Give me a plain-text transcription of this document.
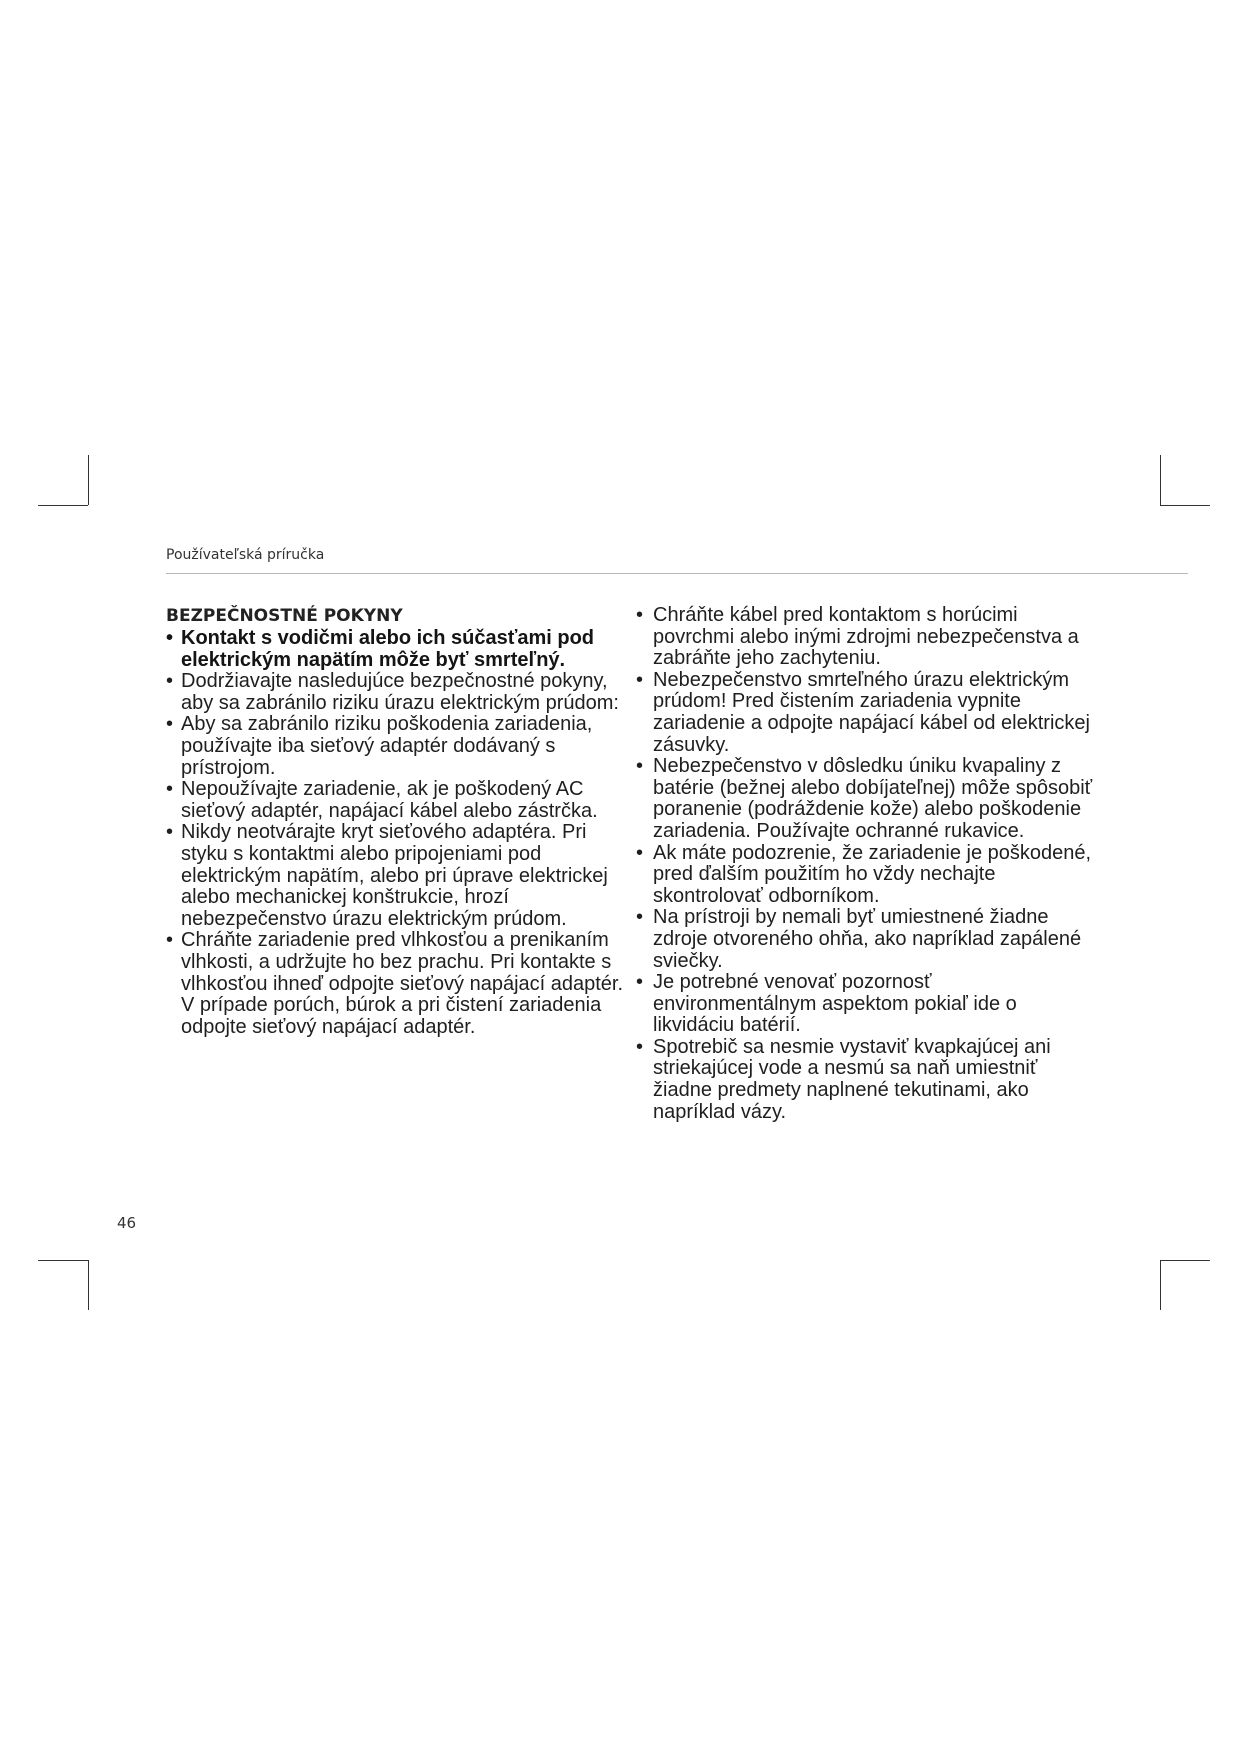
Používateľská príručka

BEZPEČNOSTNÉ POKYNY
• Kontakt s vodičmi alebo ich súčasťami pod elektrickým napätím môže byť smrteľný.
• Dodržiavajte nasledujúce bezpečnostné pokyny, aby sa zabránilo riziku úrazu elektrickým prúdom:
• Aby sa zabránilo riziku poškodenia zariadenia, používajte iba sieťový adaptér dodávaný s prístrojom.
• Nepoužívajte zariadenie, ak je poškodený AC sieťový adaptér, napájací kábel alebo zástrčka.
• Nikdy neotvárajte kryt sieťového adaptéra. Pri styku s kontaktmi alebo pripojeniami pod elektrickým napätím, alebo pri úprave elektrickej alebo mechanickej konštrukcie, hrozí nebezpečenstvo úrazu elektrickým prúdom.
• Chráňte zariadenie pred vlhkosťou a prenikaním vlhkosti, a udržujte ho bez prachu. Pri kontakte s vlhkosťou ihneď odpojte sieťový napájací adaptér. V prípade porúch, búrok a pri čistení zariadenia odpojte sieťový napájací adaptér.
• Chráňte kábel pred kontaktom s horúcimi povrchmi alebo inými zdrojmi nebezpečenstva a zabráňte jeho zachyteniu.
• Nebezpečenstvo smrteľného úrazu elektrickým prúdom! Pred čistením zariadenia vypnite zariadenie a odpojte napájací kábel od elektrickej zásuvky.
• Nebezpečenstvo v dôsledku úniku kvapaliny z batérie (bežnej alebo dobíjateľnej) môže spôsobiť poranenie (podráždenie kože) alebo poškodenie zariadenia. Používajte ochranné rukavice.
• Ak máte podozrenie, že zariadenie je poškodené, pred ďalším použitím ho vždy nechajte skontrolovať odborníkom.
• Na prístroji by nemali byť umiestnené žiadne zdroje otvoreného ohňa, ako napríklad zapálené sviečky.
• Je potrebné venovať pozornosť environmentálnym aspektom pokiaľ ide o likvidáciu batérií.
• Spotrebič sa nesmie vystaviť kvapkajúcej ani striekajúcej vode a nesmú sa naň umiestniť žiadne predmety naplnené tekutinami, ako napríklad vázy.

46
